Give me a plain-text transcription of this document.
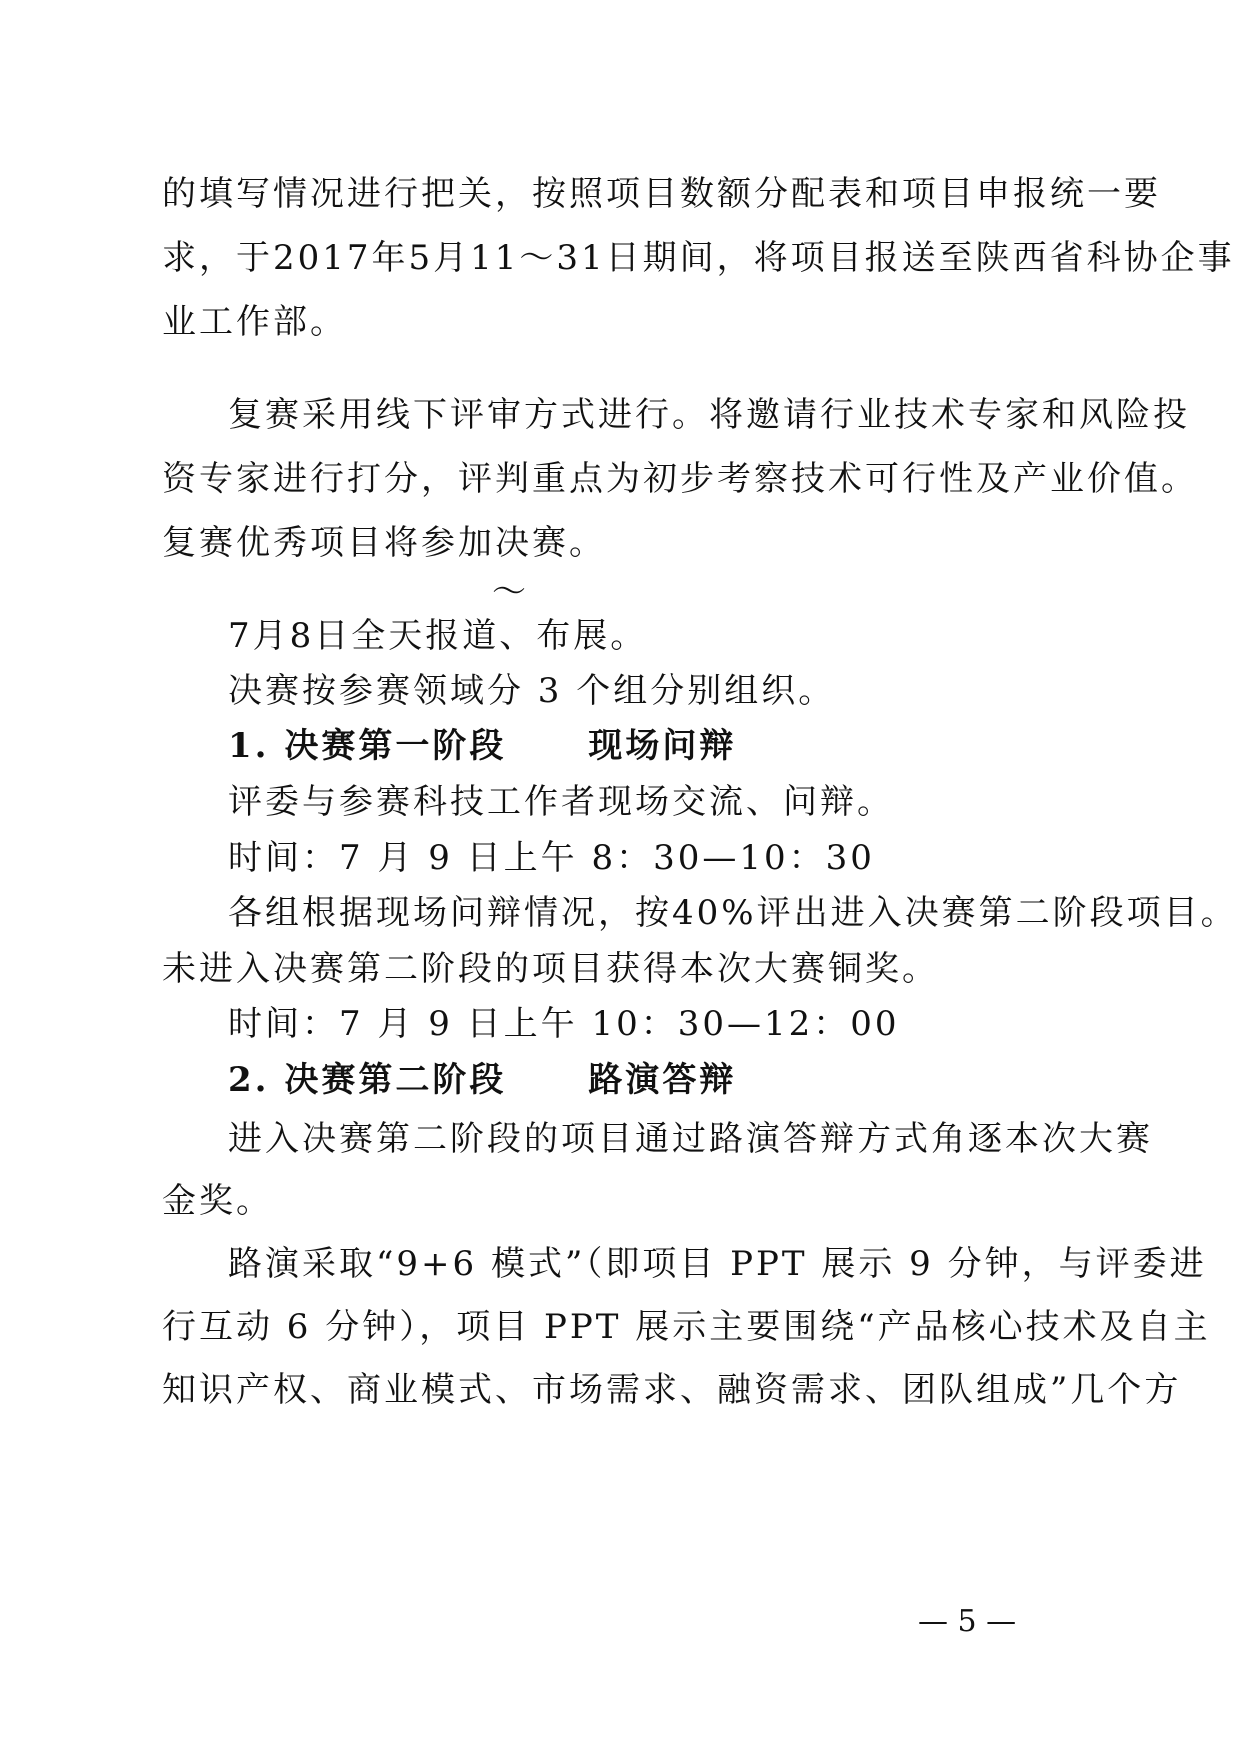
的填写情况进行把关，按照项目数额分配表和项目申报统一要
求，于2017年5月11～31日期间，将项目报送至陕西省科协企事
业工作部。
复赛采用线下评审方式进行。将邀请行业技术专家和风险投
资专家进行打分，评判重点为初步考察技术可行性及产业价值。
复赛优秀项目将参加决赛。
～
7月8日全天报道、布展。
决赛按参赛领域分 3 个组分别组织。
1. 决赛第一阶段 现场问辩
评委与参赛科技工作者现场交流、问辩。
时间：7 月 9 日上午 8：30—10：30
各组根据现场问辩情况，按40%评出进入决赛第二阶段项目。
未进入决赛第二阶段的项目获得本次大赛铜奖。
时间：7 月 9 日上午 10：30—12：00
2. 决赛第二阶段 路演答辩
进入决赛第二阶段的项目通过路演答辩方式角逐本次大赛
金奖。
路演采取“9+6 模式”（即项目 PPT 展示 9 分钟，与评委进
行互动 6 分钟），项目 PPT 展示主要围绕“产品核心技术及自主
知识产权、商业模式、市场需求、融资需求、团队组成”几个方
— 5 —
